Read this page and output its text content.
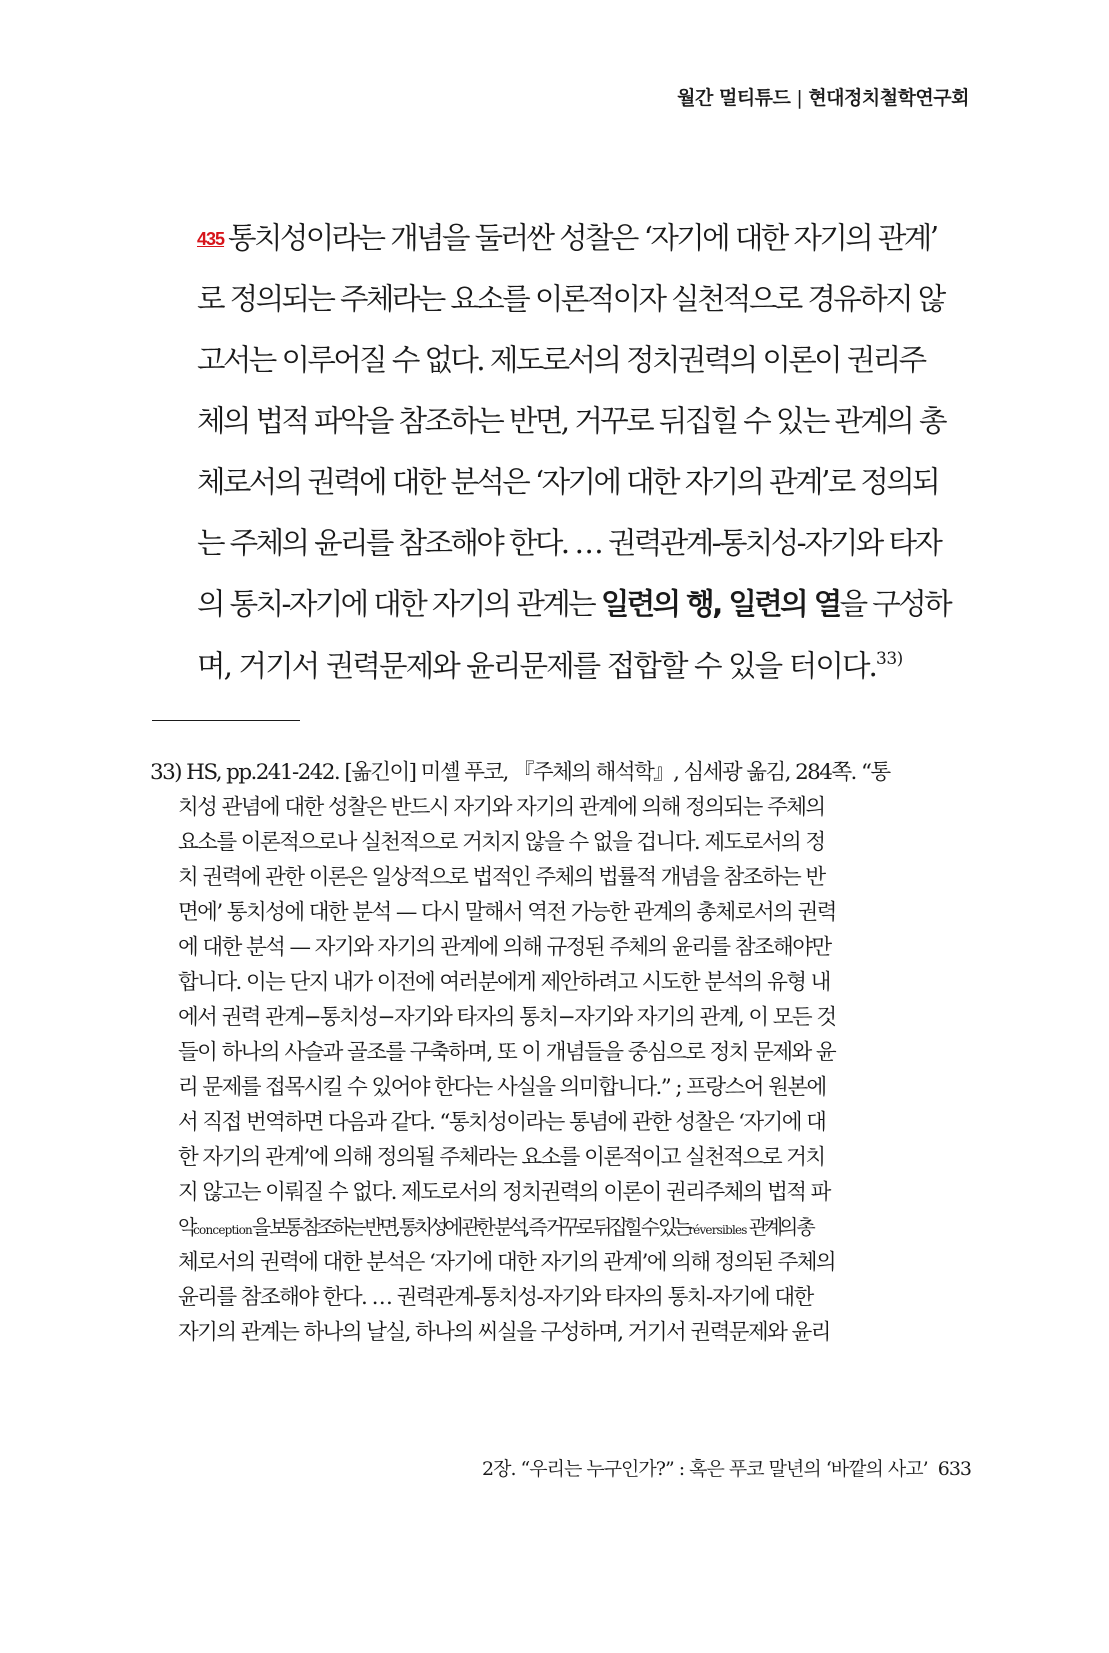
월간 멀티튜드 | 현대정치철학연구회
435 통치성이라는 개념을 둘러싼 성찰은 ‘자기에 대한 자기의 관계’
로 정의되는 주체라는 요소를 이론적이자 실천적으로 경유하지 않
고서는 이루어질 수 없다. 제도로서의 정치권력의 이론이 권리주
체의 법적 파악을 참조하는 반면, 거꾸로 뒤집힐 수 있는 관계의 총
체로서의 권력에 대한 분석은 ‘자기에 대한 자기의 관계’로 정의되
는 주체의 윤리를 참조해야 한다. … 권력관계-통치성-자기와 타자
의 통치-자기에 대한 자기의 관계는 일련의 행, 일련의 열을 구성하
며, 거기서 권력문제와 윤리문제를 접합할 수 있을 터이다.$^{33)}$
33) HS, pp.241-242. [옮긴이] 미셸 푸코, 『주체의 해석학』, 심세광 옮김, 284쪽. “통
치성 관념에 대한 성찰은 반드시 자기와 자기의 관계에 의해 정의되는 주체의
요소를 이론적으로나 실천적으로 거치지 않을 수 없을 겁니다. 제도로서의 정
치 권력에 관한 이론은 일상적으로 법적인 주체의 법률적 개념을 참조하는 반
면에’ 통치성에 대한 분석 — 다시 말해서 역전 가능한 관계의 총체로서의 권력
에 대한 분석 — 자기와 자기의 관계에 의해 규정된 주체의 윤리를 참조해야만
합니다. 이는 단지 내가 이전에 여러분에게 제안하려고 시도한 분석의 유형 내
에서 권력 관계−통치성−자기와 타자의 통치−자기와 자기의 관계, 이 모든 것
들이 하나의 사슬과 골조를 구축하며, 또 이 개념들을 중심으로 정치 문제와 윤
리 문제를 접목시킬 수 있어야 한다는 사실을 의미합니다.” ; 프랑스어 원본에
서 직접 번역하면 다음과 같다. “통치성이라는 통념에 관한 성찰은 ‘자기에 대
한 자기의 관계’에 의해 정의될 주체라는 요소를 이론적이고 실천적으로 거치
지 않고는 이뤄질 수 없다. 제도로서의 정치권력의 이론이 권리주체의 법적 파
악conception을 보통 참조하는 반면, 통치성에 관한 분석, 즉 거꾸로 뒤집힐 수 있는réversibles 관계의 총
체로서의 권력에 대한 분석은 ‘자기에 대한 자기의 관계’에 의해 정의된 주체의
윤리를 참조해야 한다. … 권력관계-통치성-자기와 타자의 통치-자기에 대한
자기의 관계는 하나의 날실, 하나의 씨실을 구성하며, 거기서 권력문제와 윤리
2장. “우리는 누구인가?” : 혹은 푸코 말년의 ‘바깥의 사고’ 633
